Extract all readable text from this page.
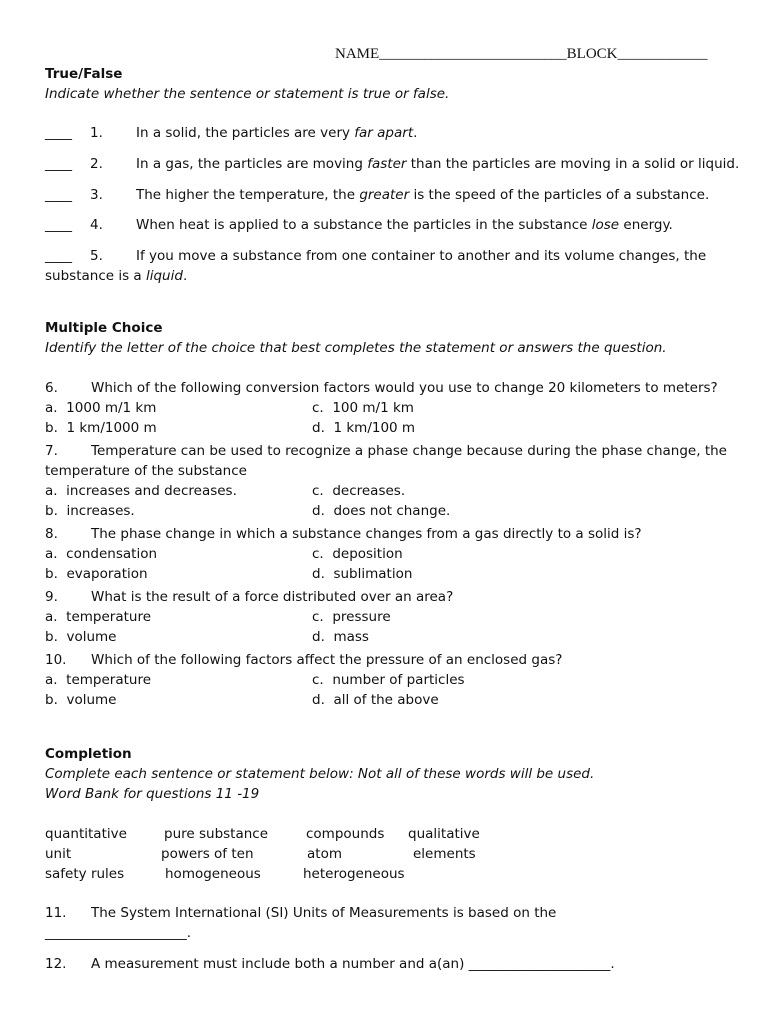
NAME_________________________BLOCK____________
True/False
Indicate whether the sentence or statement is true or false.
____ 1. In a solid, the particles are very far apart.
____ 2. In a gas, the particles are moving faster than the particles are moving in a solid or liquid.
____ 3. The higher the temperature, the greater is the speed of the particles of a substance.
____ 4. When heat is applied to a substance the particles in the substance lose energy.
____ 5. If you move a substance from one container to another and its volume changes, the
substance is a liquid.
Multiple Choice
Identify the letter of the choice that best completes the statement or answers the question.
6. Which of the following conversion factors would you use to change 20 kilometers to meters?
a. 1000 m/1 km	c. 100 m/1 km
b. 1 km/1000 m	d. 1 km/100 m
7. Temperature can be used to recognize a phase change because during the phase change, the
temperature of the substance
a. increases and decreases.	c. decreases.
b. increases.	d. does not change.
8. The phase change in which a substance changes from a gas directly to a solid is?
a. condensation	c. deposition
b. evaporation	d. sublimation
9. What is the result of a force distributed over an area?
a. temperature	c. pressure
b. volume	d. mass
10. Which of the following factors affect the pressure of an enclosed gas?
a. temperature	c. number of particles
b. volume	d. all of the above
Completion
Complete each sentence or statement below: Not all of these words will be used.
Word Bank for questions 11 -19
quantitative	pure substance	compounds qualitative
unit	powers of ten	atom	elements
safety rules	homogeneous	heterogeneous
11. The System International (SI) Units of Measurements is based on the
_____________________.
12. A measurement must include both a number and a(an) _____________________.
